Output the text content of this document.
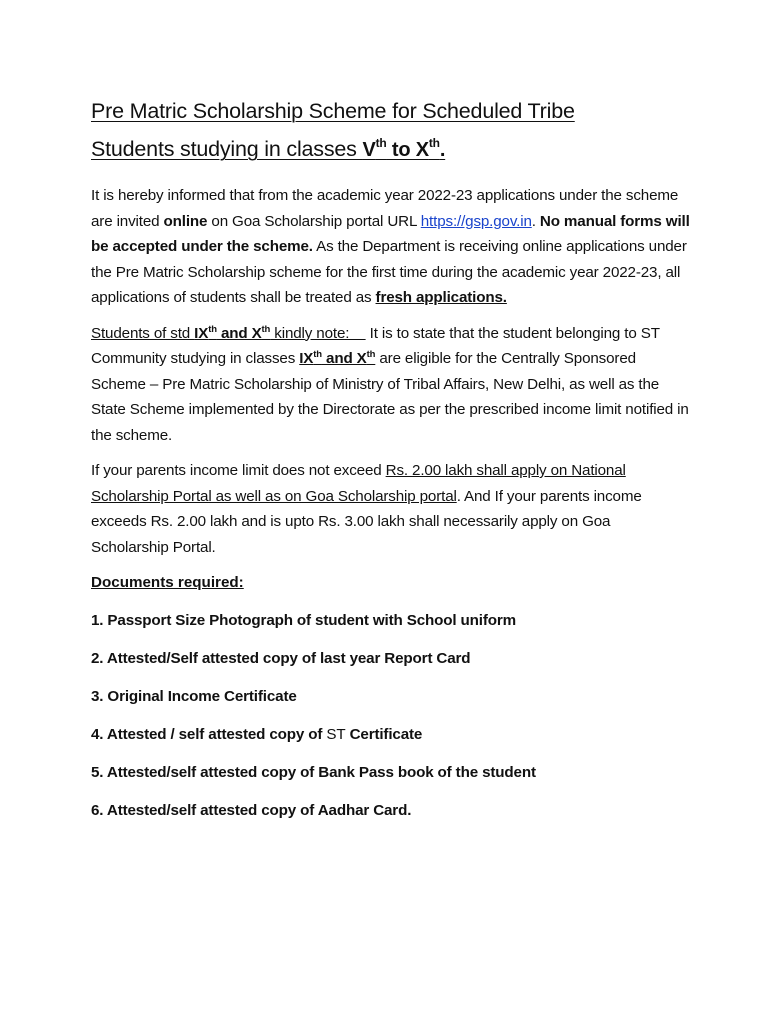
Pre Matric Scholarship Scheme for Scheduled Tribe
Students studying in classes Vth to Xth.

It is hereby informed that from the academic year 2022-23 applications under the scheme are invited online on Goa Scholarship portal URL https://gsp.gov.in. No manual forms will be accepted under the scheme. As the Department is receiving online applications under the Pre Matric Scholarship scheme for the first time during the academic year 2022-23, all applications of students shall be treated as fresh applications.

Students of std IXth and Xth kindly note:     It is to state that the student belonging to ST Community studying in classes IXth and Xth are eligible for the Centrally Sponsored Scheme – Pre Matric Scholarship of Ministry of Tribal Affairs, New Delhi, as well as the State Scheme implemented by the Directorate as per the prescribed income limit notified in the scheme.

If your parents income limit does not exceed Rs. 2.00 lakh shall apply on National Scholarship Portal as well as on Goa Scholarship portal. And If your parents income exceeds Rs. 2.00 lakh and is upto Rs. 3.00 lakh shall necessarily apply on Goa Scholarship Portal.

Documents required:
1. Passport Size Photograph of student with School uniform
2. Attested/Self attested copy of last year Report Card
3. Original Income Certificate
4. Attested / self attested copy of ST Certificate
5. Attested/self attested copy of Bank Pass book of the student
6. Attested/self attested copy of Aadhar Card.
